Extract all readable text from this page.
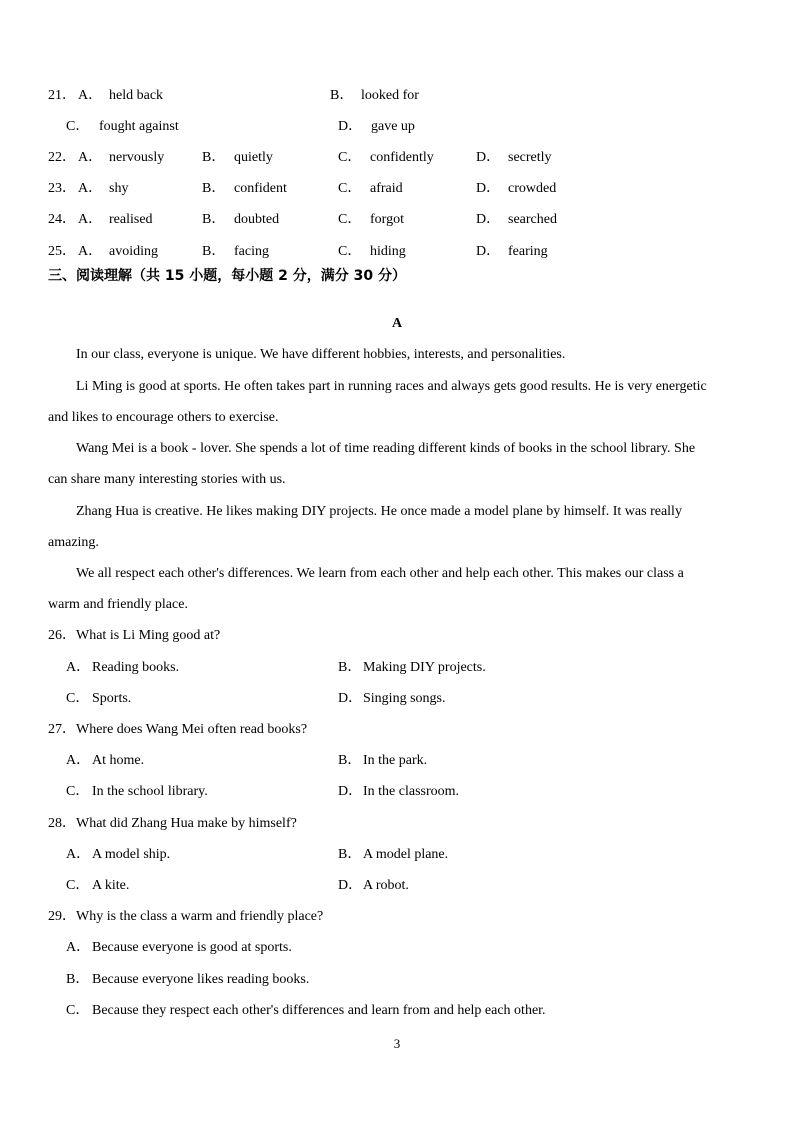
21． A． held back	B． looked for
C． fought against	D． gave up
22． A． nervously	B． quietly	C． confidently	D． secretly
23． A． shy	B． confident	C． afraid	D． crowded
24． A． realised	B． doubted	C． forgot	D． searched
25． A． avoiding	B． facing	C． hiding	D． fearing
三、阅读理解（共 15 小题，每小题 2 分，满分 30 分）
A
In our class, everyone is unique. We have different hobbies, interests, and personalities.
Li Ming is good at sports. He often takes part in running races and always gets good results. He is very energetic
and likes to encourage others to exercise.
Wang Mei is a book - lover. She spends a lot of time reading different kinds of books in the school library. She
can share many interesting stories with us.
Zhang Hua is creative. He likes making DIY projects. He once made a model plane by himself. It was really
amazing.
We all respect each other's differences. We learn from each other and help each other. This makes our class a
warm and friendly place.
26．What is Li Ming good at?
A． Reading books.	B． Making DIY projects.
C． Sports.	D． Singing songs.
27．Where does Wang Mei often read books?
A． At home.	B． In the park.
C． In the school library.	D． In the classroom.
28．What did Zhang Hua make by himself?
A． A model ship.	B． A model plane.
C． A kite.	D． A robot.
29．Why is the class a warm and friendly place?
A． Because everyone is good at sports.
B． Because everyone likes reading books.
C． Because they respect each other's differences and learn from and help each other.
3
